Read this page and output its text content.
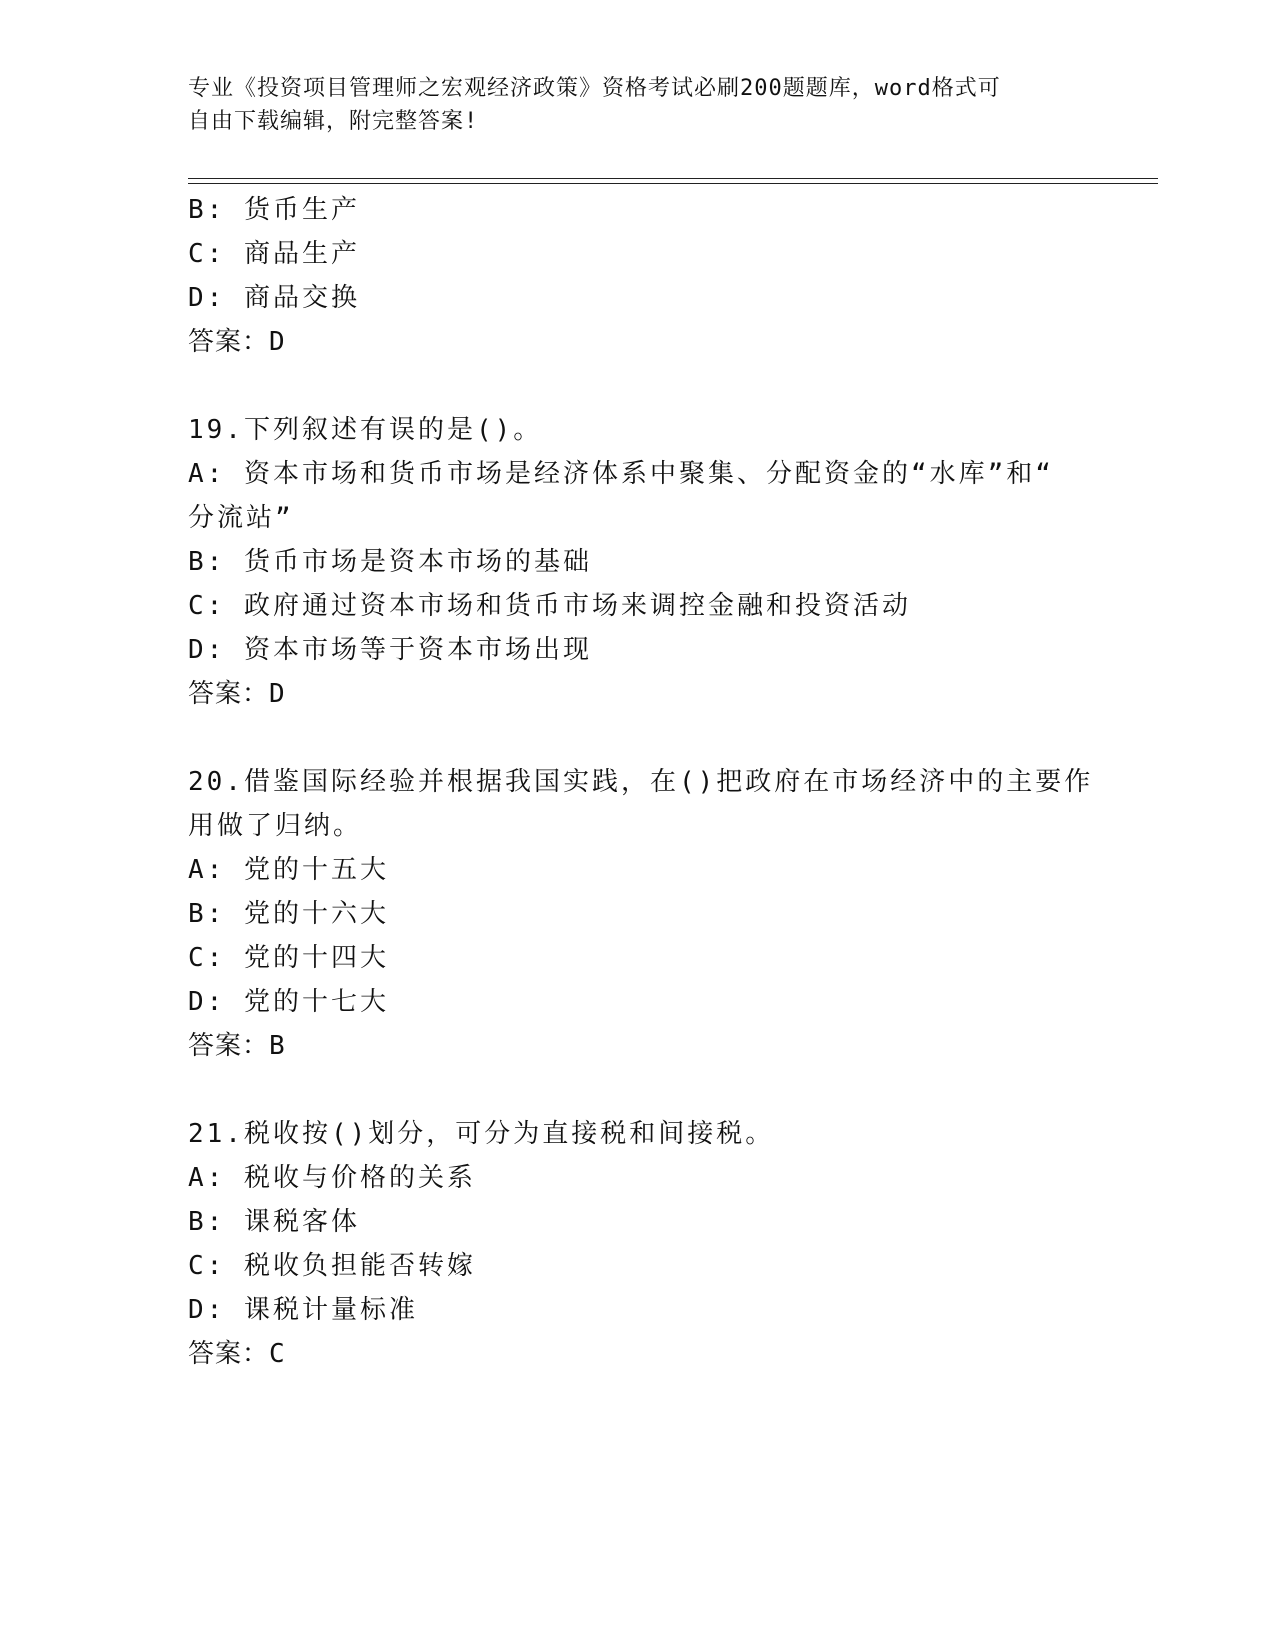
专业《投资项目管理师之宏观经济政策》资格考试必刷200题题库，word格式可
自由下载编辑，附完整答案!
B: 货币生产
C: 商品生产
D: 商品交换
答案：D
19.下列叙述有误的是()。
A: 资本市场和货币市场是经济体系中聚集、分配资金的“水库”和“
分流站”
B: 货币市场是资本市场的基础
C: 政府通过资本市场和货币市场来调控金融和投资活动
D: 资本市场等于资本市场出现
答案：D
20.借鉴国际经验并根据我国实践，在()把政府在市场经济中的主要作
用做了归纳。
A: 党的十五大
B: 党的十六大
C: 党的十四大
D: 党的十七大
答案：B
21.税收按()划分，可分为直接税和间接税。
A: 税收与价格的关系
B: 课税客体
C: 税收负担能否转嫁
D: 课税计量标准
答案：C
